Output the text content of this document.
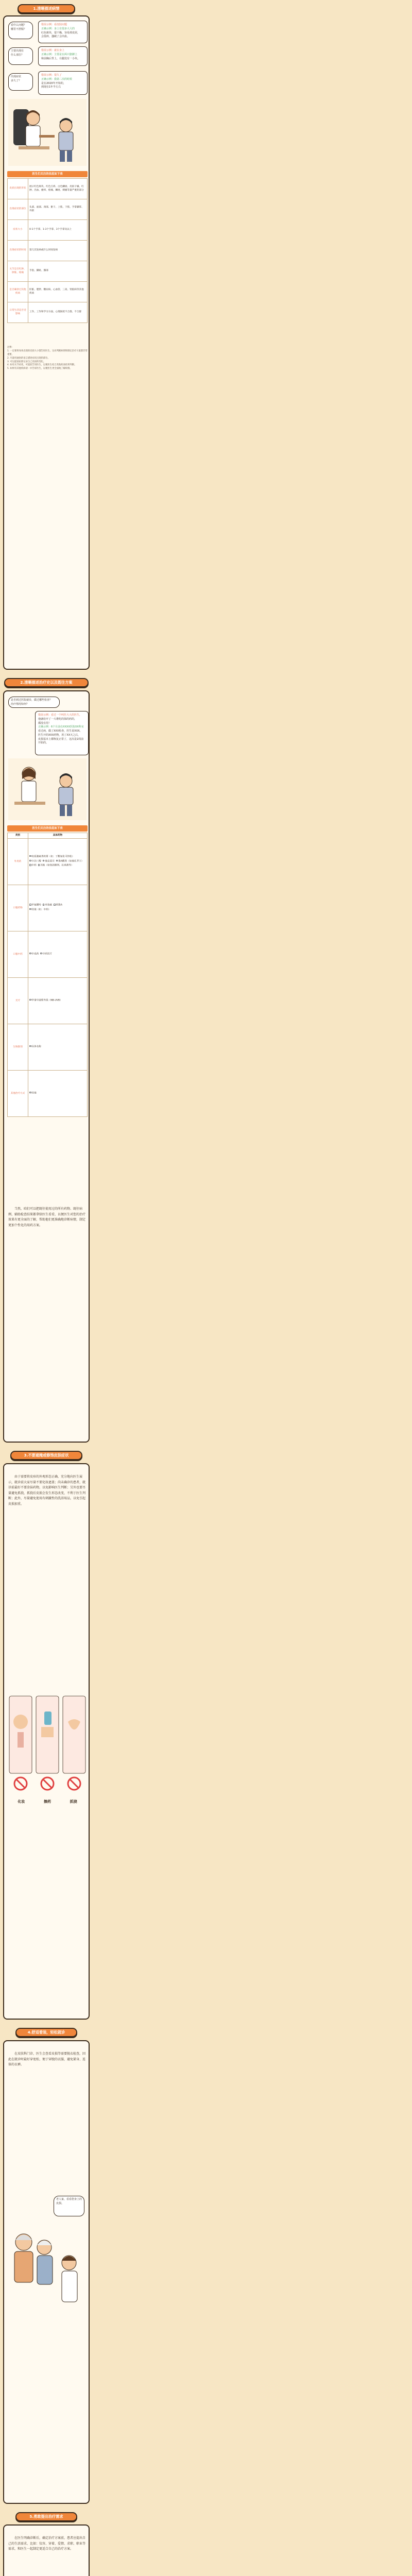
1.清晰描述病情
看什么问题？
哪里不舒服？
错误示例：看皮肤问题
正确示例：身上有很多大大的
红色斑块，很干燥，容易掉皮屑，
会很痒，搔破了会出血。
主要出现在
什么部位？
错误示例：就在身上
正确示例：主要是在两只胳膊上
和前胸后背上，右腿处有一小块。
出现症状
多久了？
错误示例：很久了
正确示例：我第二次的时候
是在2020年开始的，
到现在1年半左右
医生们关注的信息如下表
皮损出现的形状	展示红色斑块、红色丘疹、白色鳞屑、皮损干燥、红肿、出血、瘙痒、疼痛、鳞屑、刺痛等量严重的部分
出现症状的部位	头部、面部、颈部、躯干、上肢、下肢、手掌脚掌、外阴
症状大小	0-1个手掌、1-3个手掌、3个手掌及以上
出现症状的时间	第几次发病或什么时间发病
关节是否红肿、肿胀、疼痛	手指、脚趾、膝部
是否确诊过其他疾病	肝脏、肥胖、糖尿病、心血管、三高、肾脏病等其他疾病
日常生活是否受影响	工作、工作和学习方面、心理困扰不合群、不合群
注释：
1. 一定要将身体出现的皮损大小都告诉医生，这对判断病情和制定治疗方案都非常重要。
2. 尽量用通俗的语言描述症状出现的部位。
3. 可以提前拍照记录自己皮损的变化。
4. 如有关节症状，可提前告知医生，以便医生结合其他检查结果判断。
5. 如果有其他疾病请一并告诉医生，以便医生更全面地了解病情。
2.清晰描述治疗史以及既往方案
是否到过医院就诊，做过哪些检查？
治疗情况如何？
错误示例：看过一个叫医大大的医生，
他就给开了一大堆吃的抹的药的，
都没有用！
正确示例：6个月前在XXXX医院XX科室
看过病，做了XXX检查，医生说XXX。
医生开的XXX药物，用了XX天之后，
皮损基本上都恢复正常了，这次是2周前
开始的。
医生们关注的信息如下表
类别	具体药物
外用药	皮质激素类软膏（如：丁酸氢化可的松）卡泊三醇 他克莫司 维A酸类（如他扎罗汀）中药 其他（如焦油制剂、抗真菌等）
口服药物	甲氨蝶呤 环孢素 阿维A其他（如：中药）
口服中药	中成药 中药饮片
光疗	窄谱中波紫外线（NB-UVB）
生物制剂	具体名称
其他治疗方式	其他
当然，咱们可以把既往使用过的所有药物、既往病例、辅助检查结果都拿给医生看看，以便医生对您的治疗效果有更全面的了解，帮助他们更准确地诊断病情，制定更加个性化的用药方案。
3.不要遮掩或修饰皮肤症状
由于需要将皮疹的外观形态正确、充分地向医生展示，就诊前大家尽量不要化妆遮盖；尚未确诊的患者，就诊前最好不要涂抹药物，以免影响医生判断；另外也要尽量避免抓挠，抓挠后皮损会发生形态改变，不利于医生判断；此外，尽量避免使用有刺激性的洗浴用品，以免引起皮损加重。
化妆	擦药	抓挠
4.舒适着装，轻松就诊
在皮肤科门诊，医生会查看皮损等需要脱衣检查，因此在就诊时最好穿宽松、便于穿脱的衣服，避免紧身、连体的衣裤。
老人家，看看您身上的皮损。
5.勇敢提出治疗需求
在医生明确诊断后，确定治疗方案前，患者应提出自己的生活需求，比如：仪容、穿着、爱情、求职、职业等需求，和医生一起制定更适合自己的治疗方案。
